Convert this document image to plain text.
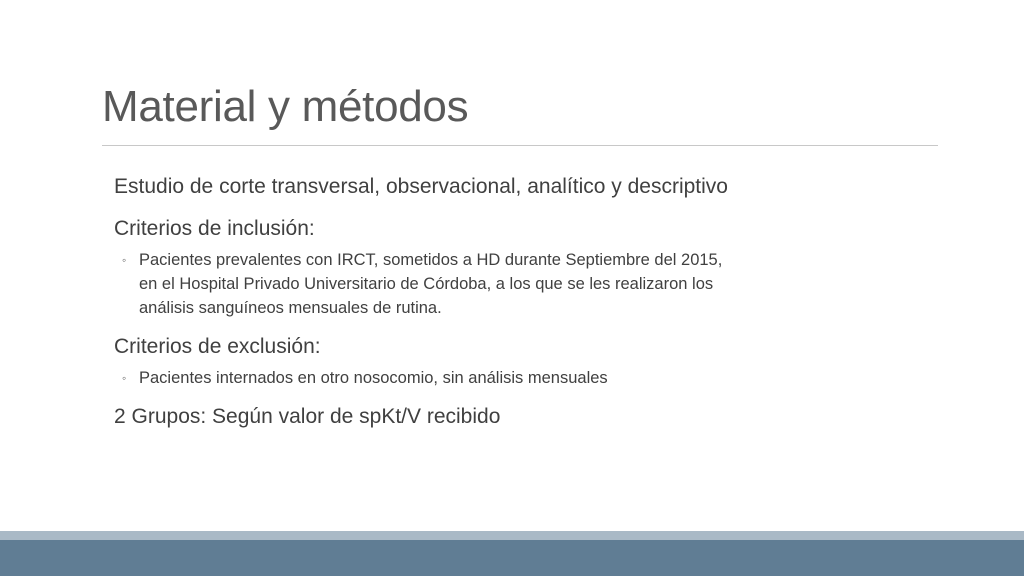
Material y métodos
Estudio de corte transversal, observacional, analítico y descriptivo
Criterios de inclusión:
◦ Pacientes prevalentes con IRCT, sometidos a HD durante Septiembre del 2015,
en el Hospital Privado Universitario de Córdoba, a los que se les realizaron los
análisis sanguíneos mensuales de rutina.
Criterios de exclusión:
◦ Pacientes internados en otro nosocomio, sin análisis mensuales
2 Grupos: Según valor de spKt/V recibido
